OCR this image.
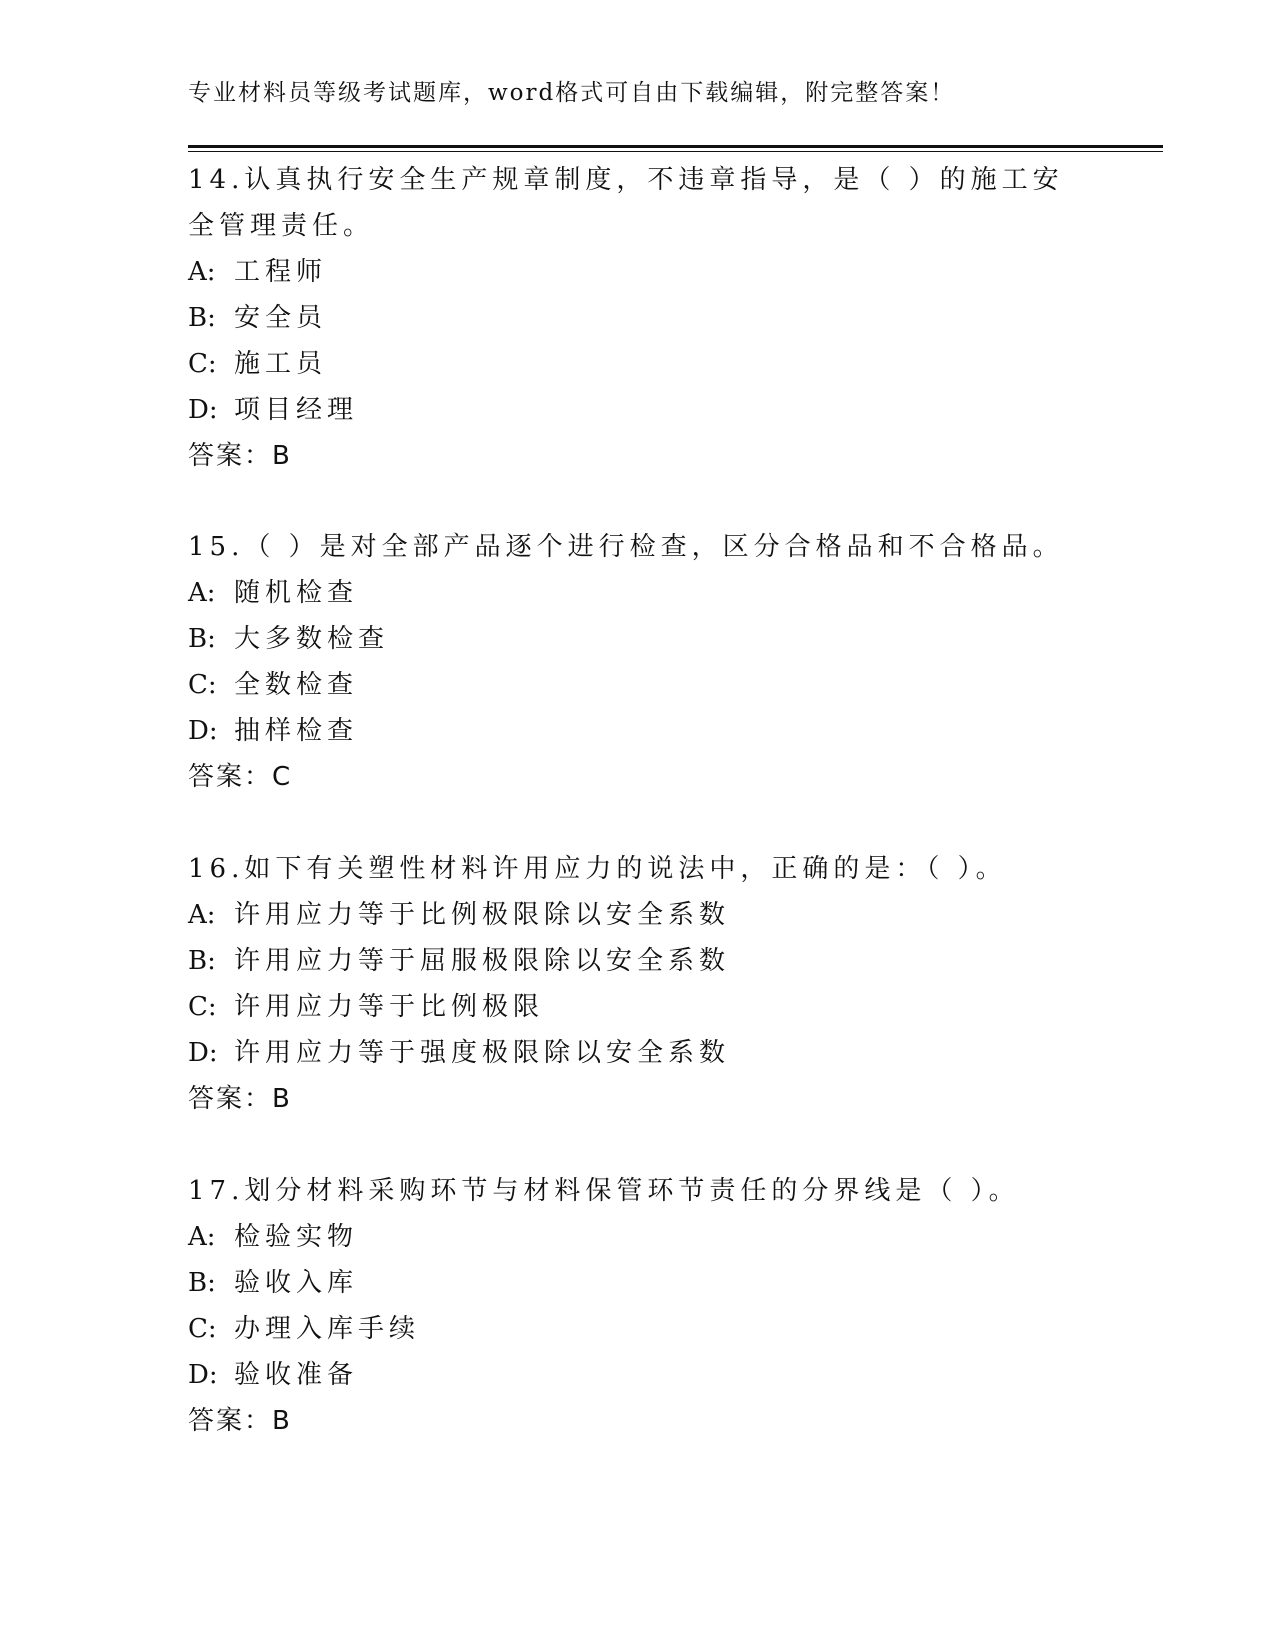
专业材料员等级考试题库，word格式可自由下载编辑，附完整答案！

14.认真执行安全生产规章制度，不违章指导，是（ ）的施工安全管理责任。

A: 工程师
B: 安全员
C: 施工员
D: 项目经理
答案：B

15.（ ）是对全部产品逐个进行检查，区分合格品和不合格品。

A: 随机检查
B: 大多数检查
C: 全数检查
D: 抽样检查
答案：C

16.如下有关塑性材料许用应力的说法中，正确的是：（ ）。

A: 许用应力等于比例极限除以安全系数
B: 许用应力等于屈服极限除以安全系数
C: 许用应力等于比例极限
D: 许用应力等于强度极限除以安全系数
答案：B

17.划分材料采购环节与材料保管环节责任的分界线是（ ）。

A: 检验实物
B: 验收入库
C: 办理入库手续
D: 验收准备
答案：B
